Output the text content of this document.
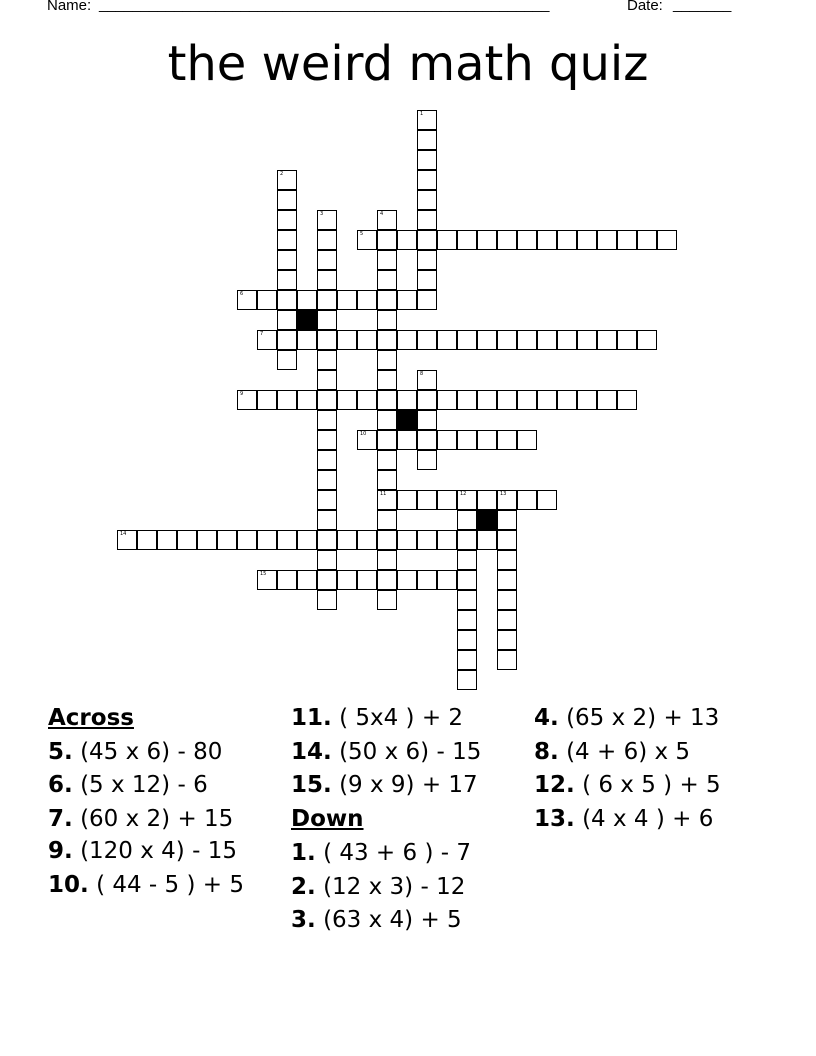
Name: ______________________________________________________	Date: _______
the weird math quiz
1
2
3	4
11
5
6
7
8
9
10
12	13
14
15
Across
5. (45 x 6) - 80
6. (5 x 12) - 6
7. (60 x 2) + 15
9. (120 x 4) - 15
10. ( 44 - 5 ) + 5
11. ( 5x4 ) + 2
14. (50 x 6) - 15
15. (9 x 9) + 17
Down
1. ( 43 + 6 ) - 7
2. (12 x 3) - 12
3. (63 x 4) + 5
4. (65 x 2) + 13
8. (4 + 6) x 5
12. ( 6 x 5 ) + 5
13. (4 x 4 ) + 6
